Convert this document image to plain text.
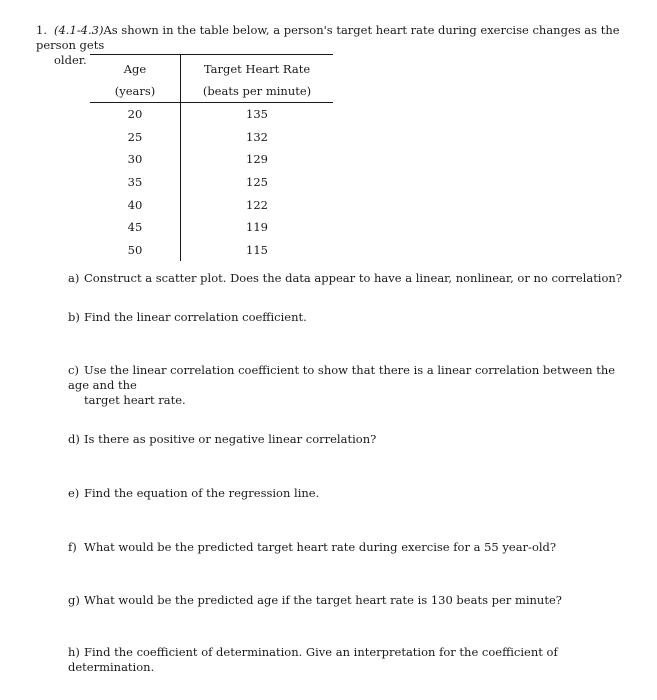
1. (4.1-4.3)As shown in the table below, a person's target heart rate during exercise changes as the person gets
older.
Age	Target Heart Rate
(years)	(beats per minute)
20	135
25	132
30	129
35	125
40	122
45	119
50	115
a) Construct a scatter plot. Does the data appear to have a linear, nonlinear, or no correlation?
b) Find the linear correlation coefficient.
c) Use the linear correlation coefficient to show that there is a linear correlation between the age and the
target heart rate.
d) Is there as positive or negative linear correlation?
e) Find the equation of the regression line.
f) What would be the predicted target heart rate during exercise for a 55 year-old?
g) What would be the predicted age if the target heart rate is 130 beats per minute?
h) Find the coefficient of determination. Give an interpretation for the coefficient of determination.
